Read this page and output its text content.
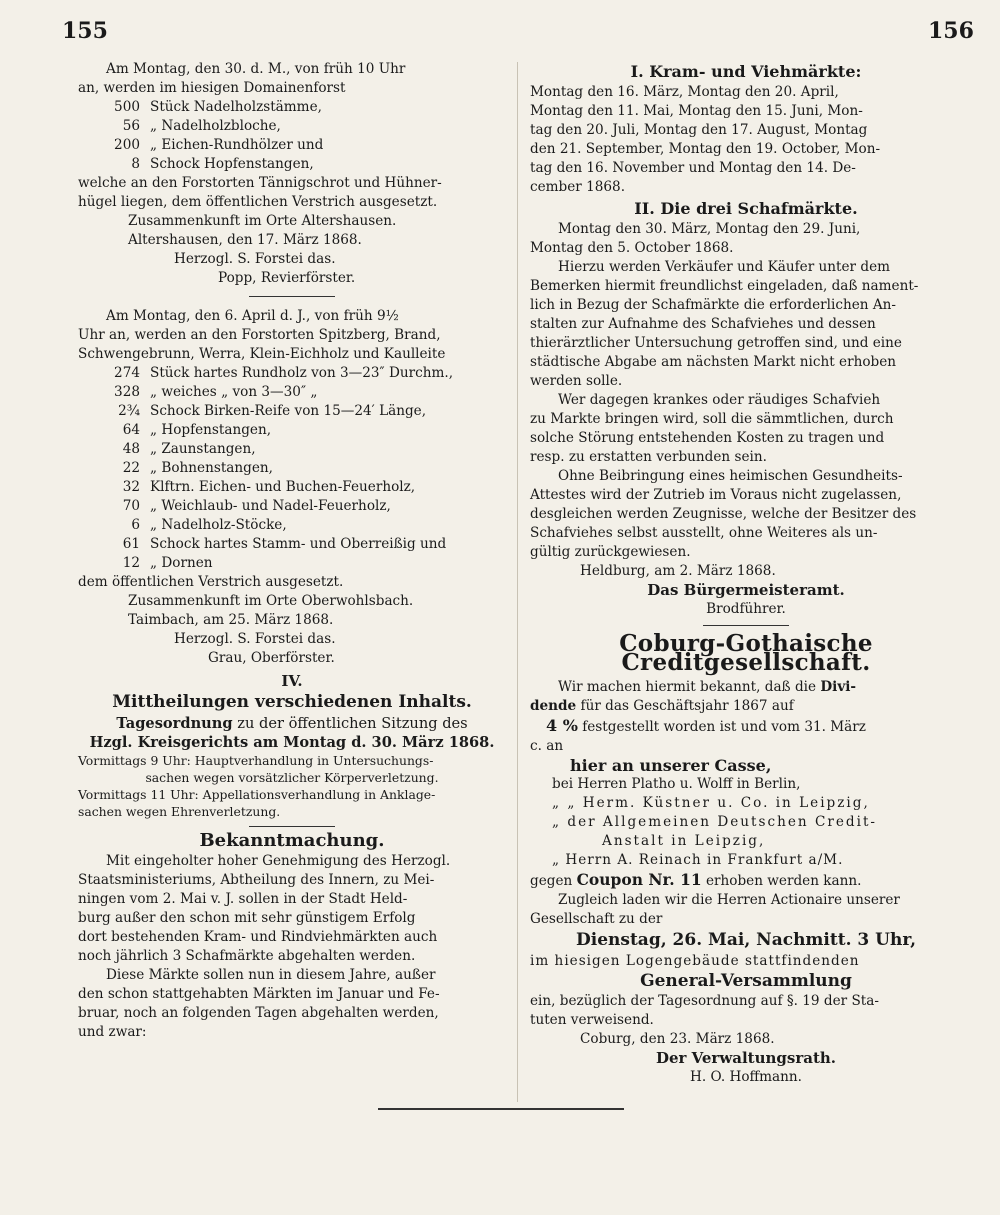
155	156

Am Montag, den 30. d. M., von früh 10 Uhr

an, werden im hiesigen Domainenforst

500 Stück Nadelholzstämme,
56 „ Nadelholzbloche,
200 „ Eichen-Rundhölzer und
8 Schock Hopfenstangen,

welche an den Forstorten Tännigschrot und Hühner-

hügel liegen, dem öffentlichen Verstrich ausgesetzt.

Zusammenkunft im Orte Altershausen.

Altershausen, den 17. März 1868.

Herzogl. S. Forstei das.

Popp, Revierförster.

Am Montag, den 6. April d. J., von früh 9½

Uhr an, werden an den Forstorten Spitzberg, Brand,

Schwengebrunn, Werra, Klein-Eichholz und Kaulleite

274 Stück hartes Rundholz von 3—23″ Durchm.,
328 „ weiches „ von 3—30″ „
2¾ Schock Birken-Reife von 15—24′ Länge,
64 „ Hopfenstangen,
48 „ Zaunstangen,
22 „ Bohnenstangen,
32 Klftrn. Eichen- und Buchen-Feuerholz,
70 „ Weichlaub- und Nadel-Feuerholz,
6 „ Nadelholz-Stöcke,
61 Schock hartes Stamm- und Oberreißig und
12 „ Dornen

dem öffentlichen Verstrich ausgesetzt.

Zusammenkunft im Orte Oberwohlsbach.

Taimbach, am 25. März 1868.

Herzogl. S. Forstei das.

Grau, Oberförster.

IV.

Mittheilungen verschiedenen Inhalts.

Tagesordnung zu der öffentlichen Sitzung des

Hzgl. Kreisgerichts am Montag d. 30. März 1868.

Vormittags 9 Uhr: Hauptverhandlung in Untersuchungs-

sachen wegen vorsätzlicher Körperverletzung.

Vormittags 11 Uhr: Appellationsverhandlung in Anklage-

sachen wegen Ehrenverletzung.

Bekanntmachung.

Mit eingeholter hoher Genehmigung des Herzogl.

Staatsministeriums, Abtheilung des Innern, zu Mei-

ningen vom 2. Mai v. J. sollen in der Stadt Held-

burg außer den schon mit sehr günstigem Erfolg

dort bestehenden Kram- und Rindviehmärkten auch

noch jährlich 3 Schafmärkte abgehalten werden.

Diese Märkte sollen nun in diesem Jahre, außer

den schon stattgehabten Märkten im Januar und Fe-

bruar, noch an folgenden Tagen abgehalten werden,

und zwar:

I. Kram- und Viehmärkte:

Montag den 16. März, Montag den 20. April,

Montag den 11. Mai, Montag den 15. Juni, Mon-

tag den 20. Juli, Montag den 17. August, Montag

den 21. September, Montag den 19. October, Mon-

tag den 16. November und Montag den 14. De-

cember 1868.

II. Die drei Schafmärkte.

Montag den 30. März, Montag den 29. Juni,

Montag den 5. October 1868.

Hierzu werden Verkäufer und Käufer unter dem

Bemerken hiermit freundlichst eingeladen, daß nament-

lich in Bezug der Schafmärkte die erforderlichen An-

stalten zur Aufnahme des Schafviehes und dessen

thierärztlicher Untersuchung getroffen sind, und eine

städtische Abgabe am nächsten Markt nicht erhoben

werden solle.

Wer dagegen krankes oder räudiges Schafvieh

zu Markte bringen wird, soll die sämmtlichen, durch

solche Störung entstehenden Kosten zu tragen und

resp. zu erstatten verbunden sein.

Ohne Beibringung eines heimischen Gesundheits-

Attestes wird der Zutrieb im Voraus nicht zugelassen,

desgleichen werden Zeugnisse, welche der Besitzer des

Schafviehes selbst ausstellt, ohne Weiteres als un-

gültig zurückgewiesen.

Heldburg, am 2. März 1868.

Das Bürgermeisteramt.

Brodführer.

Coburg-Gothaische Creditgesellschaft.

Wir machen hiermit bekannt, daß die Divi-

dende für das Geschäftsjahr 1867 auf

4 % festgestellt worden ist und vom 31. März

c. an

hier an unserer Casse,

bei Herren Platho u. Wolff in Berlin,

„ „ Herm. Küstner u. Co. in Leipzig,

„ der Allgemeinen Deutschen Credit-

Anstalt in Leipzig,

„ Herrn A. Reinach in Frankfurt a/M.

gegen Coupon Nr. 11 erhoben werden kann.

Zugleich laden wir die Herren Actionaire unserer

Gesellschaft zu der

Dienstag, 26. Mai, Nachmitt. 3 Uhr,

im hiesigen Logengebäude stattfindenden

General-Versammlung

ein, bezüglich der Tagesordnung auf §. 19 der Sta-

tuten verweisend.

Coburg, den 23. März 1868.

Der Verwaltungsrath.

H. O. Hoffmann.
